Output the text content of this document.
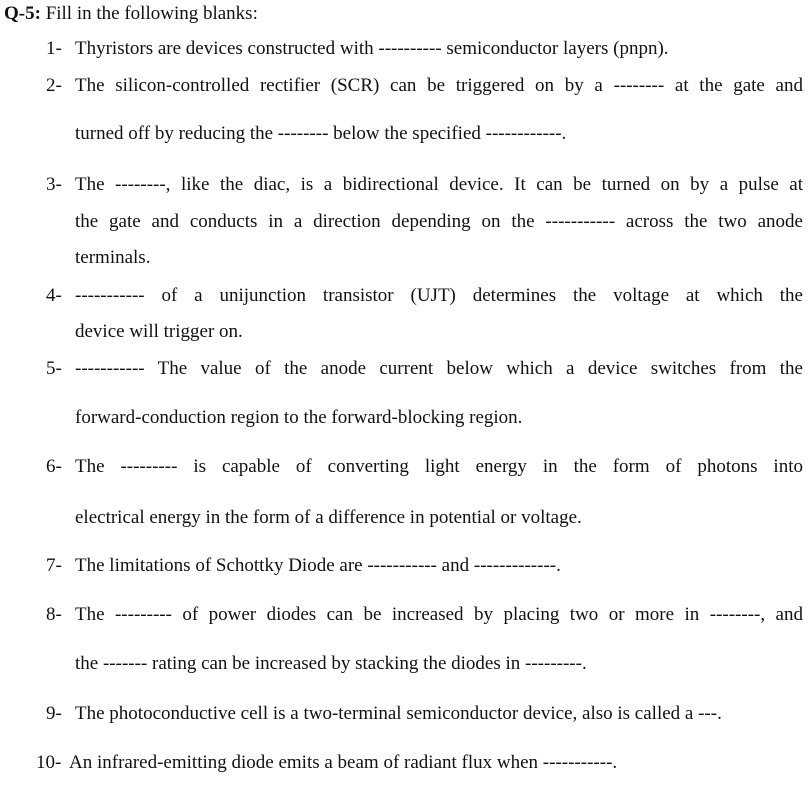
Q-5: Fill in the following blanks:
1- Thyristors are devices constructed with ---------- semiconductor layers (pnpn).
2- The silicon-controlled rectifier (SCR) can be triggered on by a -------- at the gate and
turned off by reducing the -------- below the specified ------------.
3- The --------, like the diac, is a bidirectional device. It can be turned on by a pulse at
the gate and conducts in a direction depending on the ----------- across the two anode
terminals.
4- ----------- of a unijunction transistor (UJT) determines the voltage at which the
device will trigger on.
5- ----------- The value of the anode current below which a device switches from the
forward-conduction region to the forward-blocking region.
6- The --------- is capable of converting light energy in the form of photons into
electrical energy in the form of a difference in potential or voltage.
7- The limitations of Schottky Diode are ----------- and -------------.
8- The --------- of power diodes can be increased by placing two or more in --------, and
the ------- rating can be increased by stacking the diodes in ---------.
9- The photoconductive cell is a two-terminal semiconductor device, also is called a ---.
10- An infrared-emitting diode emits a beam of radiant flux when -----------.
